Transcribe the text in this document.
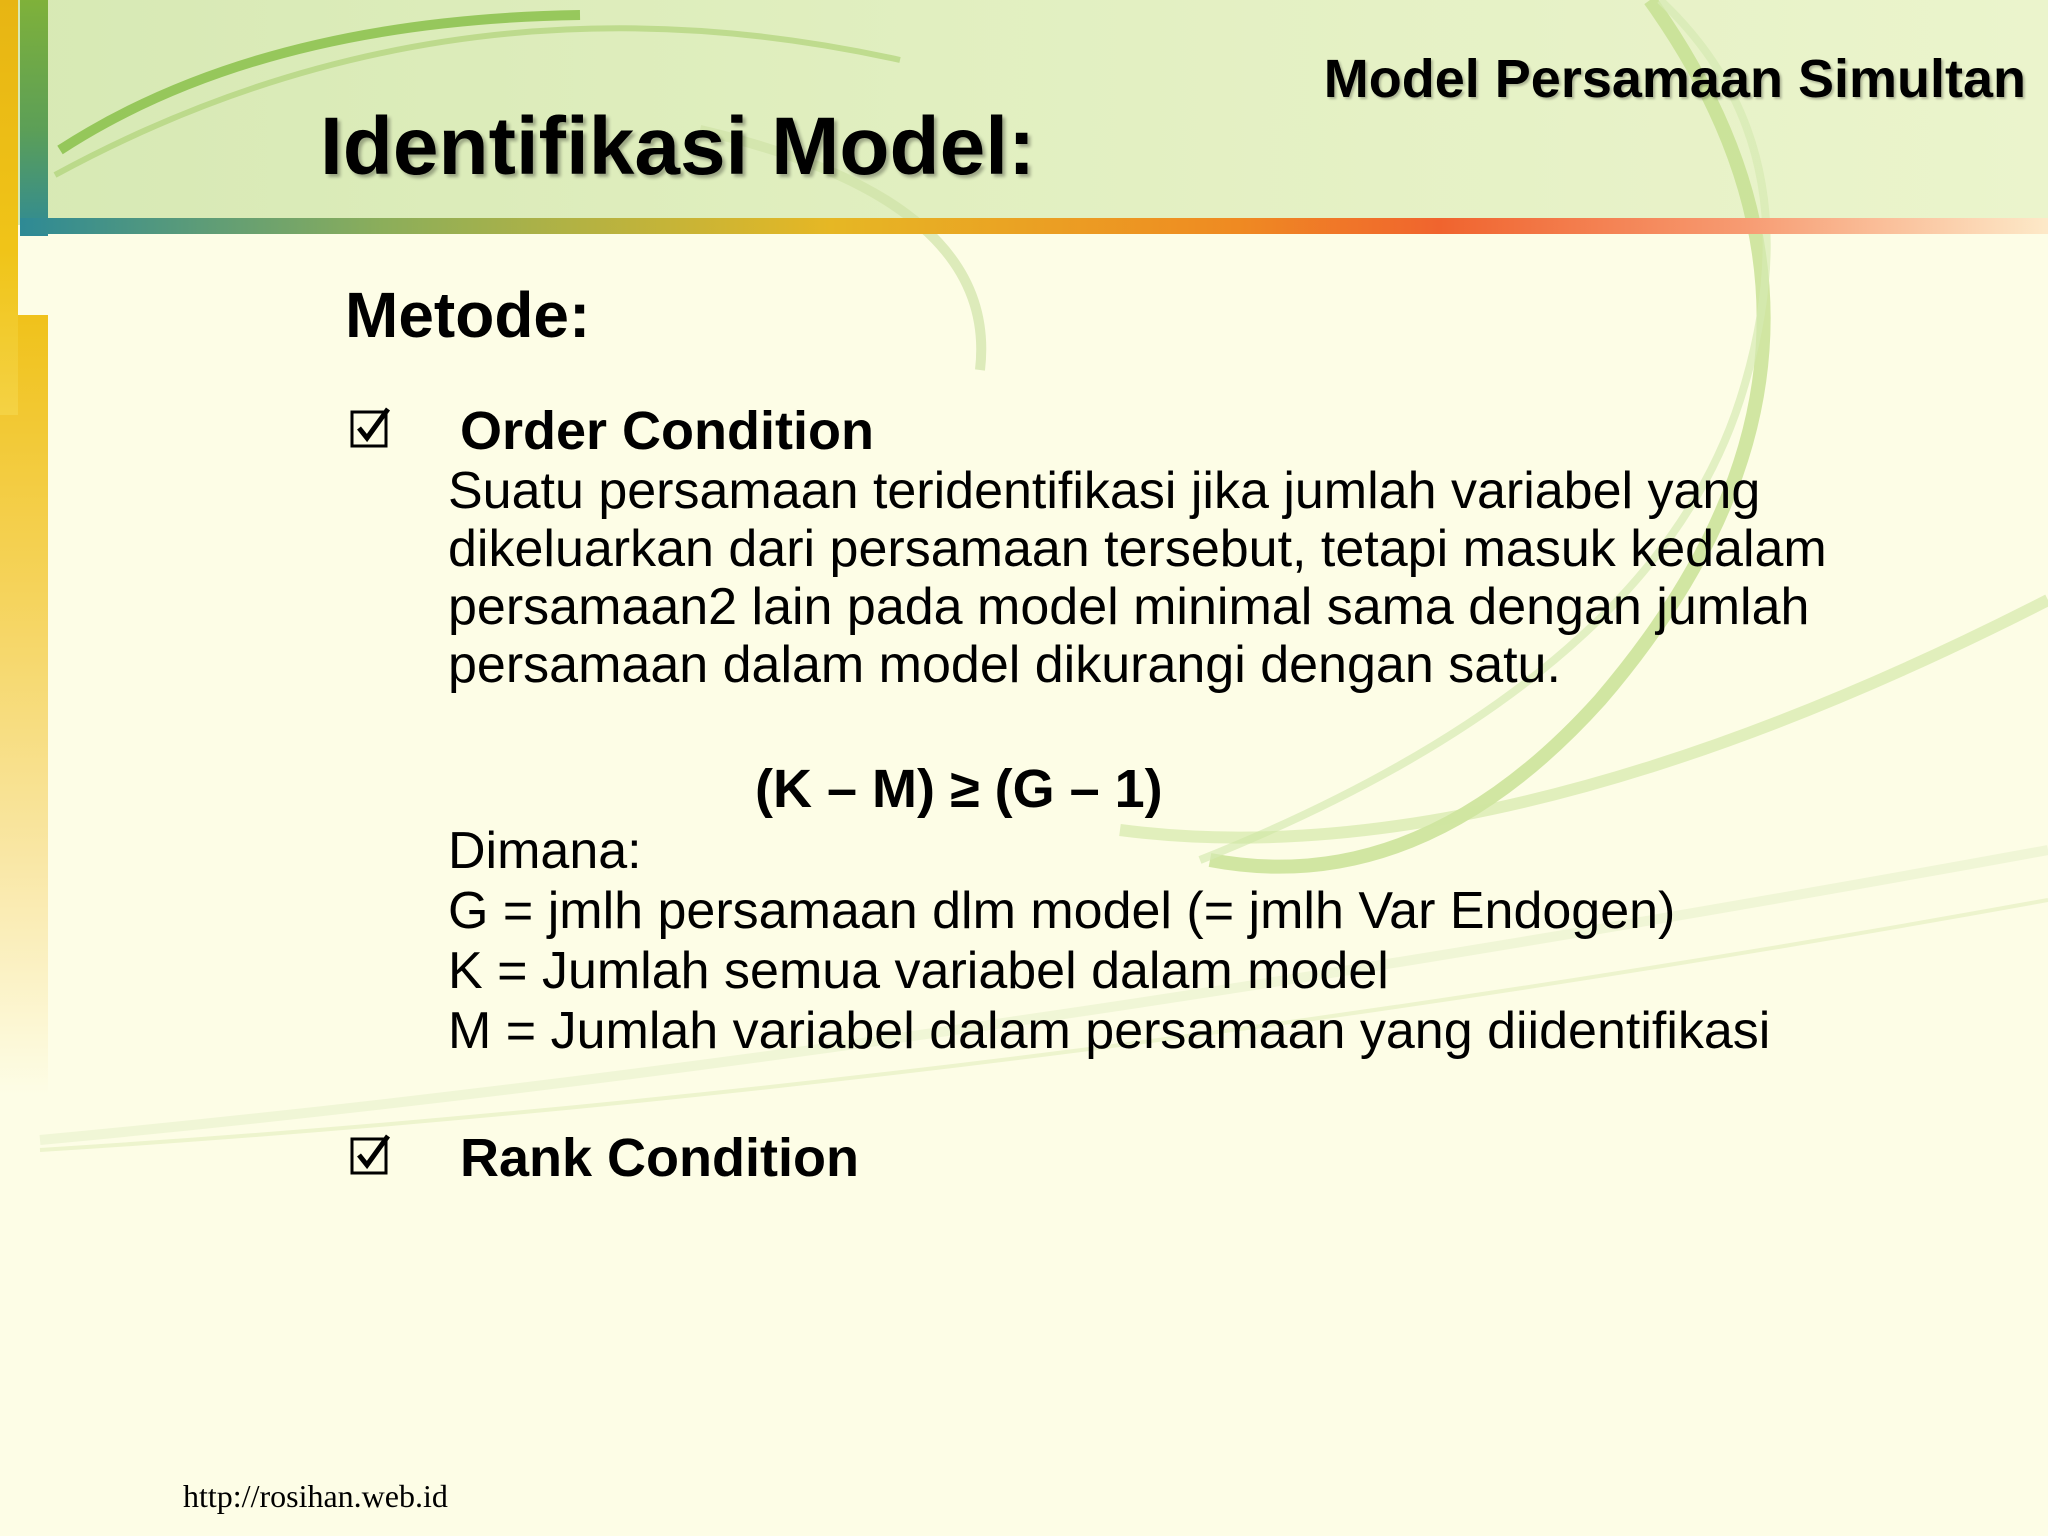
Model Persamaan Simultan
Identifikasi Model:
Metode:
Order Condition
Suatu persamaan teridentifikasi jika jumlah variabel yang
dikeluarkan dari persamaan tersebut, tetapi masuk kedalam
persamaan2 lain pada model minimal sama dengan jumlah
persamaan dalam model dikurangi dengan satu.
(K – M) ≥ (G – 1)
Dimana:
G = jmlh persamaan dlm model (= jmlh Var Endogen)
K = Jumlah semua variabel dalam model
M = Jumlah variabel dalam persamaan yang diidentifikasi
Rank Condition
http://rosihan.web.id
